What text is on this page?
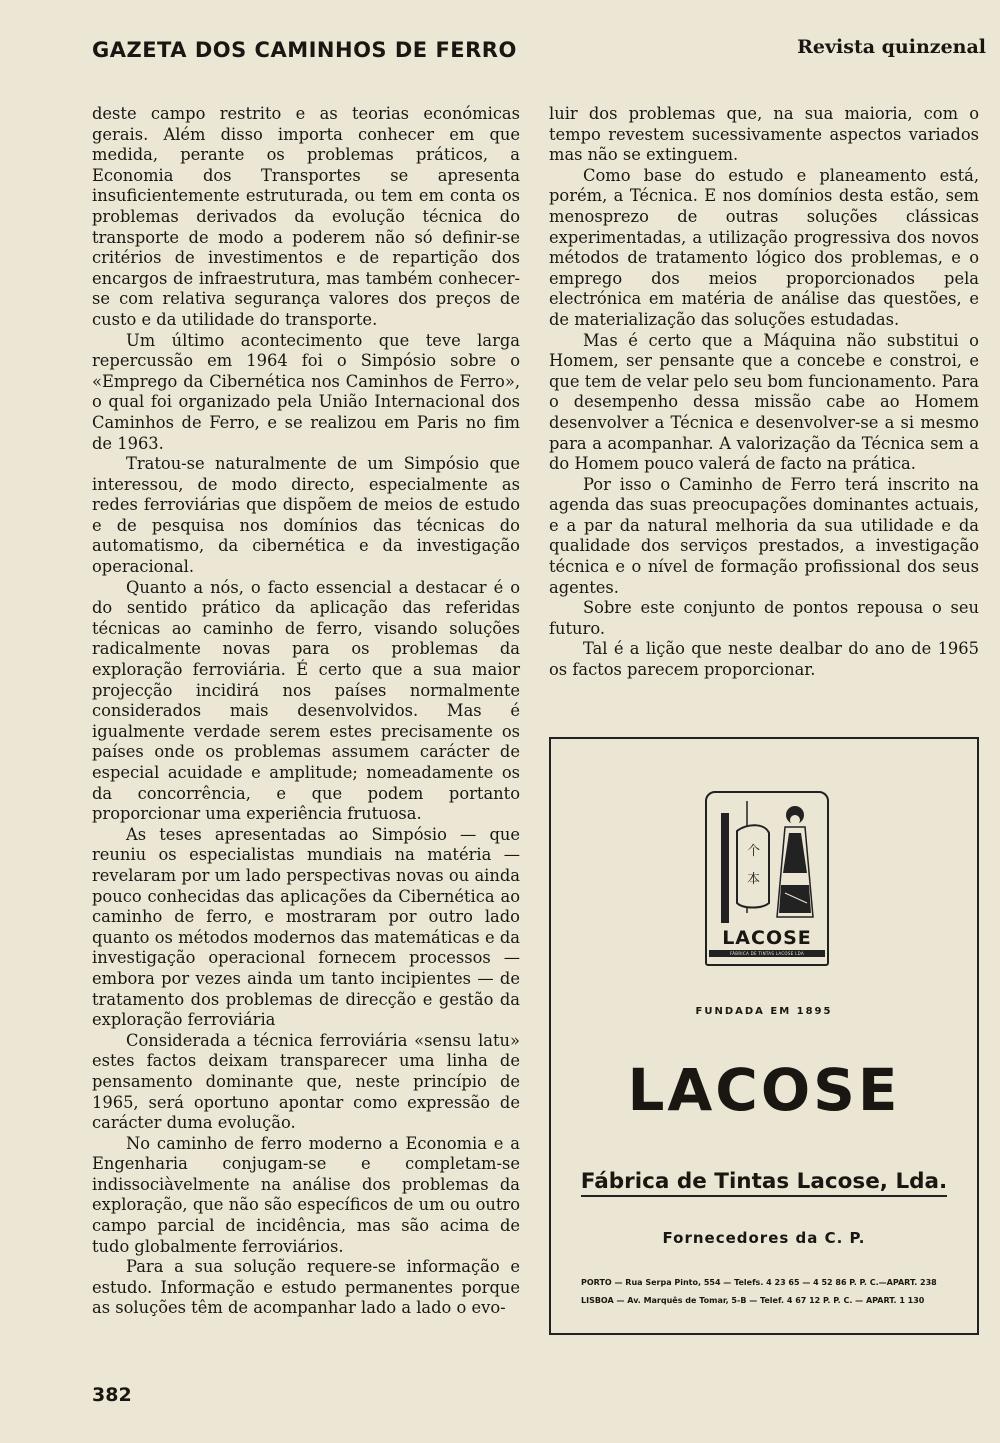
GAZETA DOS CAMINHOS DE FERRO	Revista quinzenal

deste campo restrito e as teorias económicas gerais. Além disso importa conhecer em que medida, perante os problemas práticos, a Economia dos Transportes se apresenta insuficientemente estruturada, ou tem em conta os problemas derivados da evolução técnica do transporte de modo a poderem não só definir-se critérios de investimentos e de repartição dos encargos de infraestrutura, mas também conhecer-se com relativa segurança valores dos preços de custo e da utilidade do transporte.

Um último acontecimento que teve larga repercussão em 1964 foi o Simpósio sobre o «Emprego da Cibernética nos Caminhos de Ferro», o qual foi organizado pela União Internacional dos Caminhos de Ferro, e se realizou em Paris no fim de 1963.

Tratou-se naturalmente de um Simpósio que interessou, de modo directo, especialmente as redes ferroviárias que dispõem de meios de estudo e de pesquisa nos domínios das técnicas do automatismo, da cibernética e da investigação operacional.

Quanto a nós, o facto essencial a destacar é o do sentido prático da aplicação das referidas técnicas ao caminho de ferro, visando soluções radicalmente novas para os problemas da exploração ferroviária. É certo que a sua maior projecção incidirá nos países normalmente considerados mais desenvolvidos. Mas é igualmente verdade serem estes precisamente os países onde os problemas assumem carácter de especial acuidade e amplitude; nomeadamente os da concorrência, e que podem portanto proporcionar uma experiência frutuosa.

As teses apresentadas ao Simpósio — que reuniu os especialistas mundiais na matéria — revelaram por um lado perspectivas novas ou ainda pouco conhecidas das aplicações da Cibernética ao caminho de ferro, e mostraram por outro lado quanto os métodos modernos das matemáticas e da investigação operacional fornecem processos — embora por vezes ainda um tanto incipientes — de tratamento dos problemas de direcção e gestão da exploração ferroviária

Considerada a técnica ferroviária «sensu latu» estes factos deixam transparecer uma linha de pensamento dominante que, neste princípio de 1965, será oportuno apontar como expressão de carácter duma evolução.

No caminho de ferro moderno a Economia e a Engenharia conjugam-se e completam-se indissociàvelmente na análise dos problemas da exploração, que não são específicos de um ou outro campo parcial de incidência, mas são acima de tudo globalmente ferroviários.

Para a sua solução requere-se informação e estudo. Informação e estudo permanentes porque as soluções têm de acompanhar lado a lado o evo-

luir dos problemas que, na sua maioria, com o tempo revestem sucessivamente aspectos variados mas não se extinguem.

Como base do estudo e planeamento está, porém, a Técnica. E nos domínios desta estão, sem menosprezo de outras soluções clássicas experimentadas, a utilização progressiva dos novos métodos de tratamento lógico dos problemas, e o emprego dos meios proporcionados pela electrónica em matéria de análise das questões, e de materialização das soluções estudadas.

Mas é certo que a Máquina não substitui o Homem, ser pensante que a concebe e constroi, e que tem de velar pelo seu bom funcionamento. Para o desempenho dessa missão cabe ao Homem desenvolver a Técnica e desenvolver-se a si mesmo para a acompanhar. A valorização da Técnica sem a do Homem pouco valerá de facto na prática.

Por isso o Caminho de Ferro terá inscrito na agenda das suas preocupações dominantes actuais, e a par da natural melhoria da sua utilidade e da qualidade dos serviços prestados, a investigação técnica e o nível de formação profissional dos seus agentes.

Sobre este conjunto de pontos repousa o seu futuro.

Tal é a lição que neste dealbar do ano de 1965 os factos parecem proporcionar.

个
本
LACOSE
FÁBRICA DE TINTAS LACOSE LDA
FUNDADA EM 1895
LACOSE
Fábrica de Tintas Lacose, Lda.
Fornecedores da C. P.
PORTO — Rua Serpa Pinto, 554 — Telefs. 4 23 65 — 4 52 86 P. P. C.—APART. 238
LISBOA — Av. Marquês de Tomar, 5-B — Telef. 4 67 12 P. P. C. — APART. 1 130
382
